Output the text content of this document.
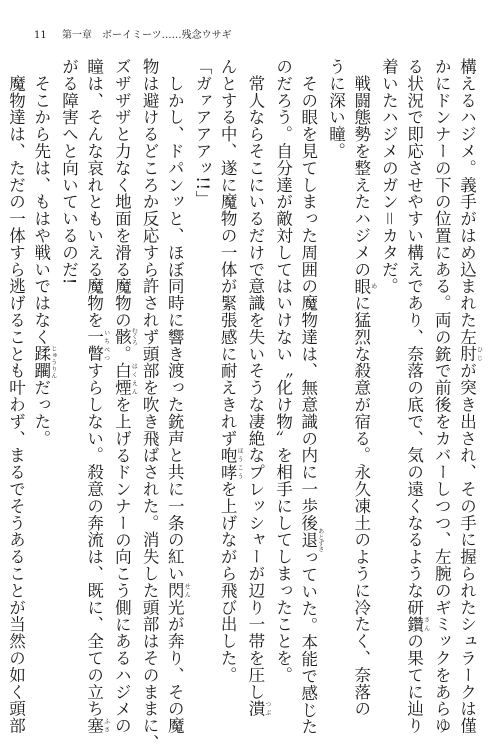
11 第一章　ボーイミーツ……残念ウサギ
構えるハジメ。義手がはめ込まれた左肘 ひじが突き出され、その手に握られたシュラークは僅
かにドンナーの下の位置にある。両の銃で前後をカバーしつつ、左腕のギミックをあらゆ
る状況で即応させやすい構えであり、奈落の底で、気の遠くなるような研鑽 さんの果てに辿り
着いたハジメのガン＝カタだ。
　戦闘態勢を整えたハジメの眼 めに猛烈な殺意が宿る。永久凍土のように冷たく、奈落の
うに深い瞳。
　その眼を見てしまった周囲の魔物達は、無意識の内に一歩後退 あとずさっていた。本能で感じた
のだろう。自分達が敵対してはいけない〝化け物〟を相手にしてしまったことを。
　常人ならそこにいるだけで意識を失いそうな凄絶なプレッシャーが辺り一帯を圧し潰 つぶ
んとする中、遂に魔物の一体が緊張感に耐えきれず咆哮 ほうこうを上げながら飛び出した。
「ガァアアアッ!!」
　しかし、ドパンッと、ほぼ同時に響き渡った銃声と共に一条の紅い閃 せん光が奔り、その魔
物は避けるどころか反応すら許されず頭部を吹き飛ばされた。消失した頭部はそのままに、
ズザザザと力なく地面を滑る魔物の骸 むくろ。白煙 はくえんを上げるドンナーの向こう側にあるハジメの
瞳は、そんな哀れともいえる魔物を一瞥 いちべつすらしない。殺意の奔流は、既に、全ての立ち塞 ふさ
がる障害へと向いているのだ!
　そこから先は、もはや戦いではなく蹂躙 じゅうりんだった。
　魔物達は、ただの一体すら逃げることも叶わず、まるでそうあることが当然の如く頭部
